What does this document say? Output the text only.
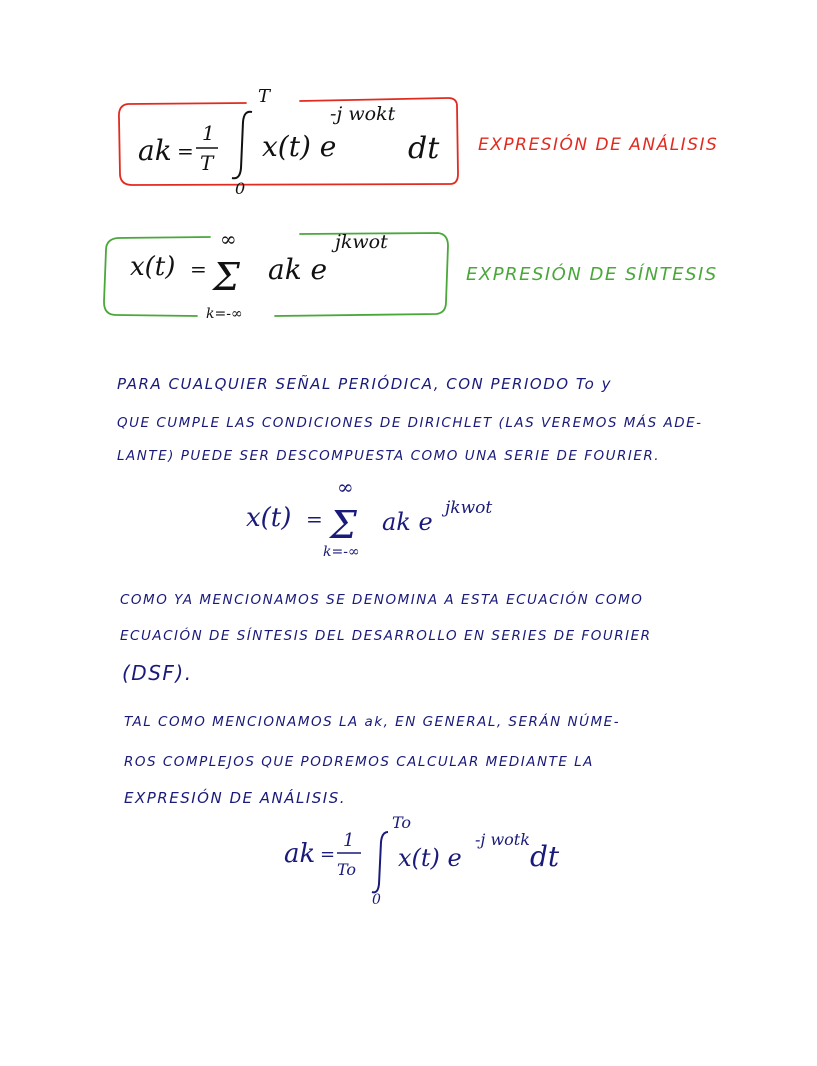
ak =
1
T
T
0
x(t) e
-j wokt
dt EXPRESIÓN DE ANÁLISIS
x(t) =
∞
Σ
k=-∞
ak e
jkwot
EXPRESIÓN DE SÍNTESIS
PARA CUALQUIER SEÑAL PERIÓDICA, CON PERIODO To y
QUE CUMPLE LAS CONDICIONES DE DIRICHLET (LAS VEREMOS MÁS ADE-
LANTE) PUEDE SER DESCOMPUESTA COMO UNA SERIE DE FOURIER.
x(t) =
∞
Σ
k=-∞
ak e jkwot
COMO YA MENCIONAMOS SE DENOMINA A ESTA ECUACIÓN COMO
ECUACIÓN DE SÍNTESIS DEL DESARROLLO EN SERIES DE FOURIER
(DSF).
TAL COMO MENCIONAMOS LA ak, EN GENERAL, SERÁN NÚME-
ROS COMPLEJOS QUE PODREMOS CALCULAR MEDIANTE LA
EXPRESIÓN DE ANÁLISIS.
ak =
1
To
To
0
x(t) e
-j wotk
dt
